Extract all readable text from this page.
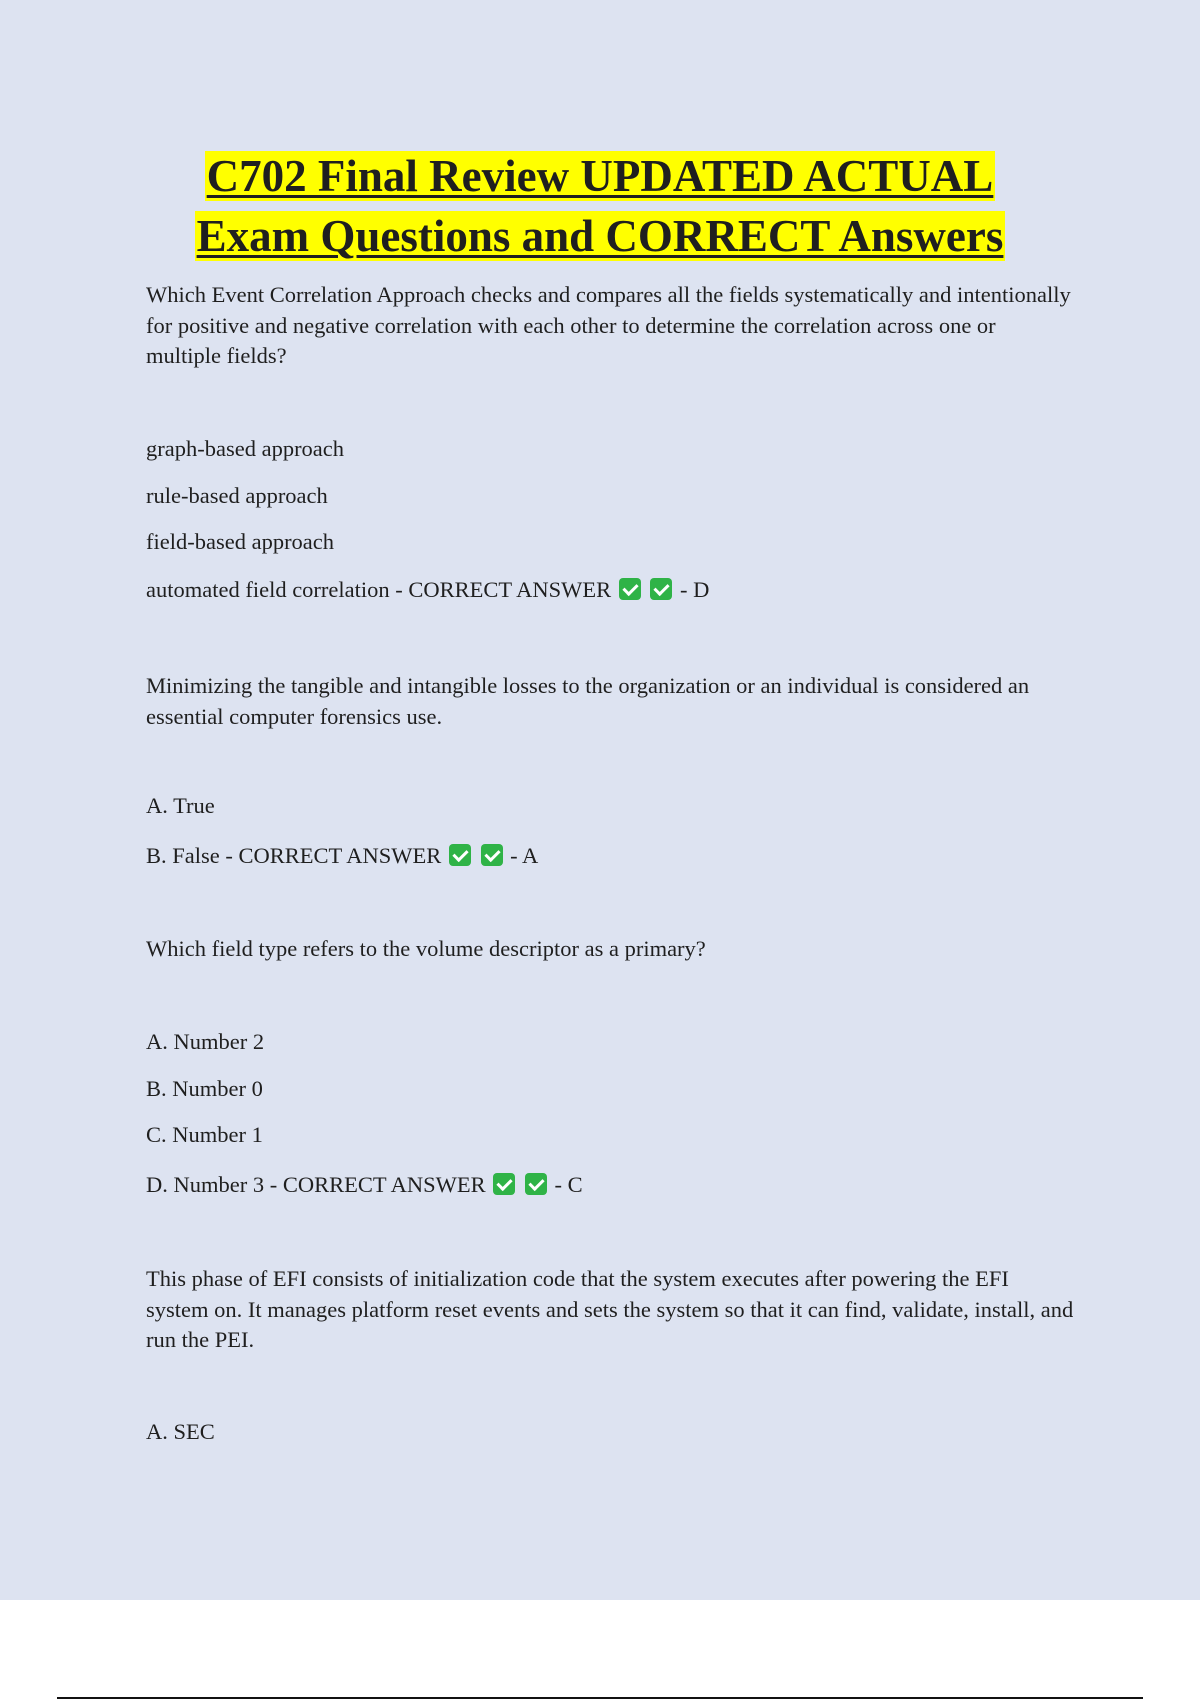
C702 Final Review UPDATED ACTUAL
Exam Questions and CORRECT Answers

Which Event Correlation Approach checks and compares all the fields systematically and intentionally for positive and negative correlation with each other to determine the correlation across one or multiple fields?

graph-based approach

rule-based approach

field-based approach

automated field correlation - CORRECT ANSWER	- D

Minimizing the tangible and intangible losses to the organization or an individual is considered an essential computer forensics use.

A. True

B. False - CORRECT ANSWER	- A

Which field type refers to the volume descriptor as a primary?

A. Number 2

B. Number 0

C. Number 1

D. Number 3 - CORRECT ANSWER	- C

This phase of EFI consists of initialization code that the system executes after powering the EFI system on. It manages platform reset events and sets the system so that it can find, validate, install, and run the PEI.

A. SEC
